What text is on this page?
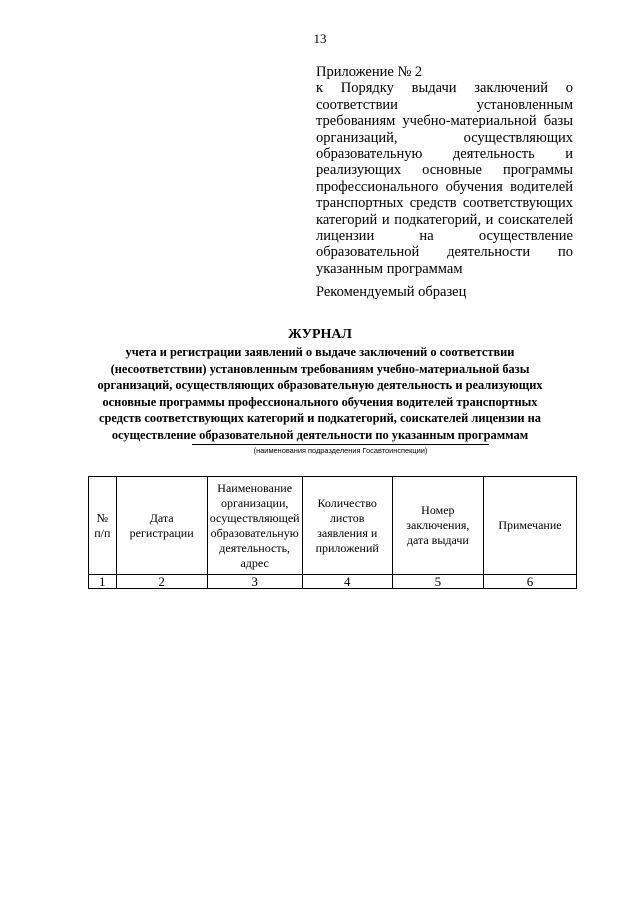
13
Приложение № 2
к Порядку выдачи заключений о соответствии установленным требованиям учебно-материальной базы организаций, осуществляющих образовательную деятельность и реализующих основные программы профессионального обучения водителей транспортных средств соответствующих категорий и подкатегорий, и соискателей лицензии на осуществление образовательной деятельности по указанным программам
Рекомендуемый образец
ЖУРНАЛ
учета и регистрации заявлений о выдаче заключений о соответствии (несоответствии) установленным требованиям учебно-материальной базы организаций, осуществляющих образовательную деятельность и реализующих основные программы профессионального обучения водителей транспортных средств соответствующих категорий и подкатегорий, соискателей лицензии на осуществление образовательной деятельности по указанным программам
(наименования подразделения Госавтоинспекции)
№ п/п	Дата регистрации	Наименование организации, осуществляющей образовательную деятельность, адрес	Количество листов заявления и приложений	Номер заключения, дата выдачи	Примечание
1	2	3	4	5	6
